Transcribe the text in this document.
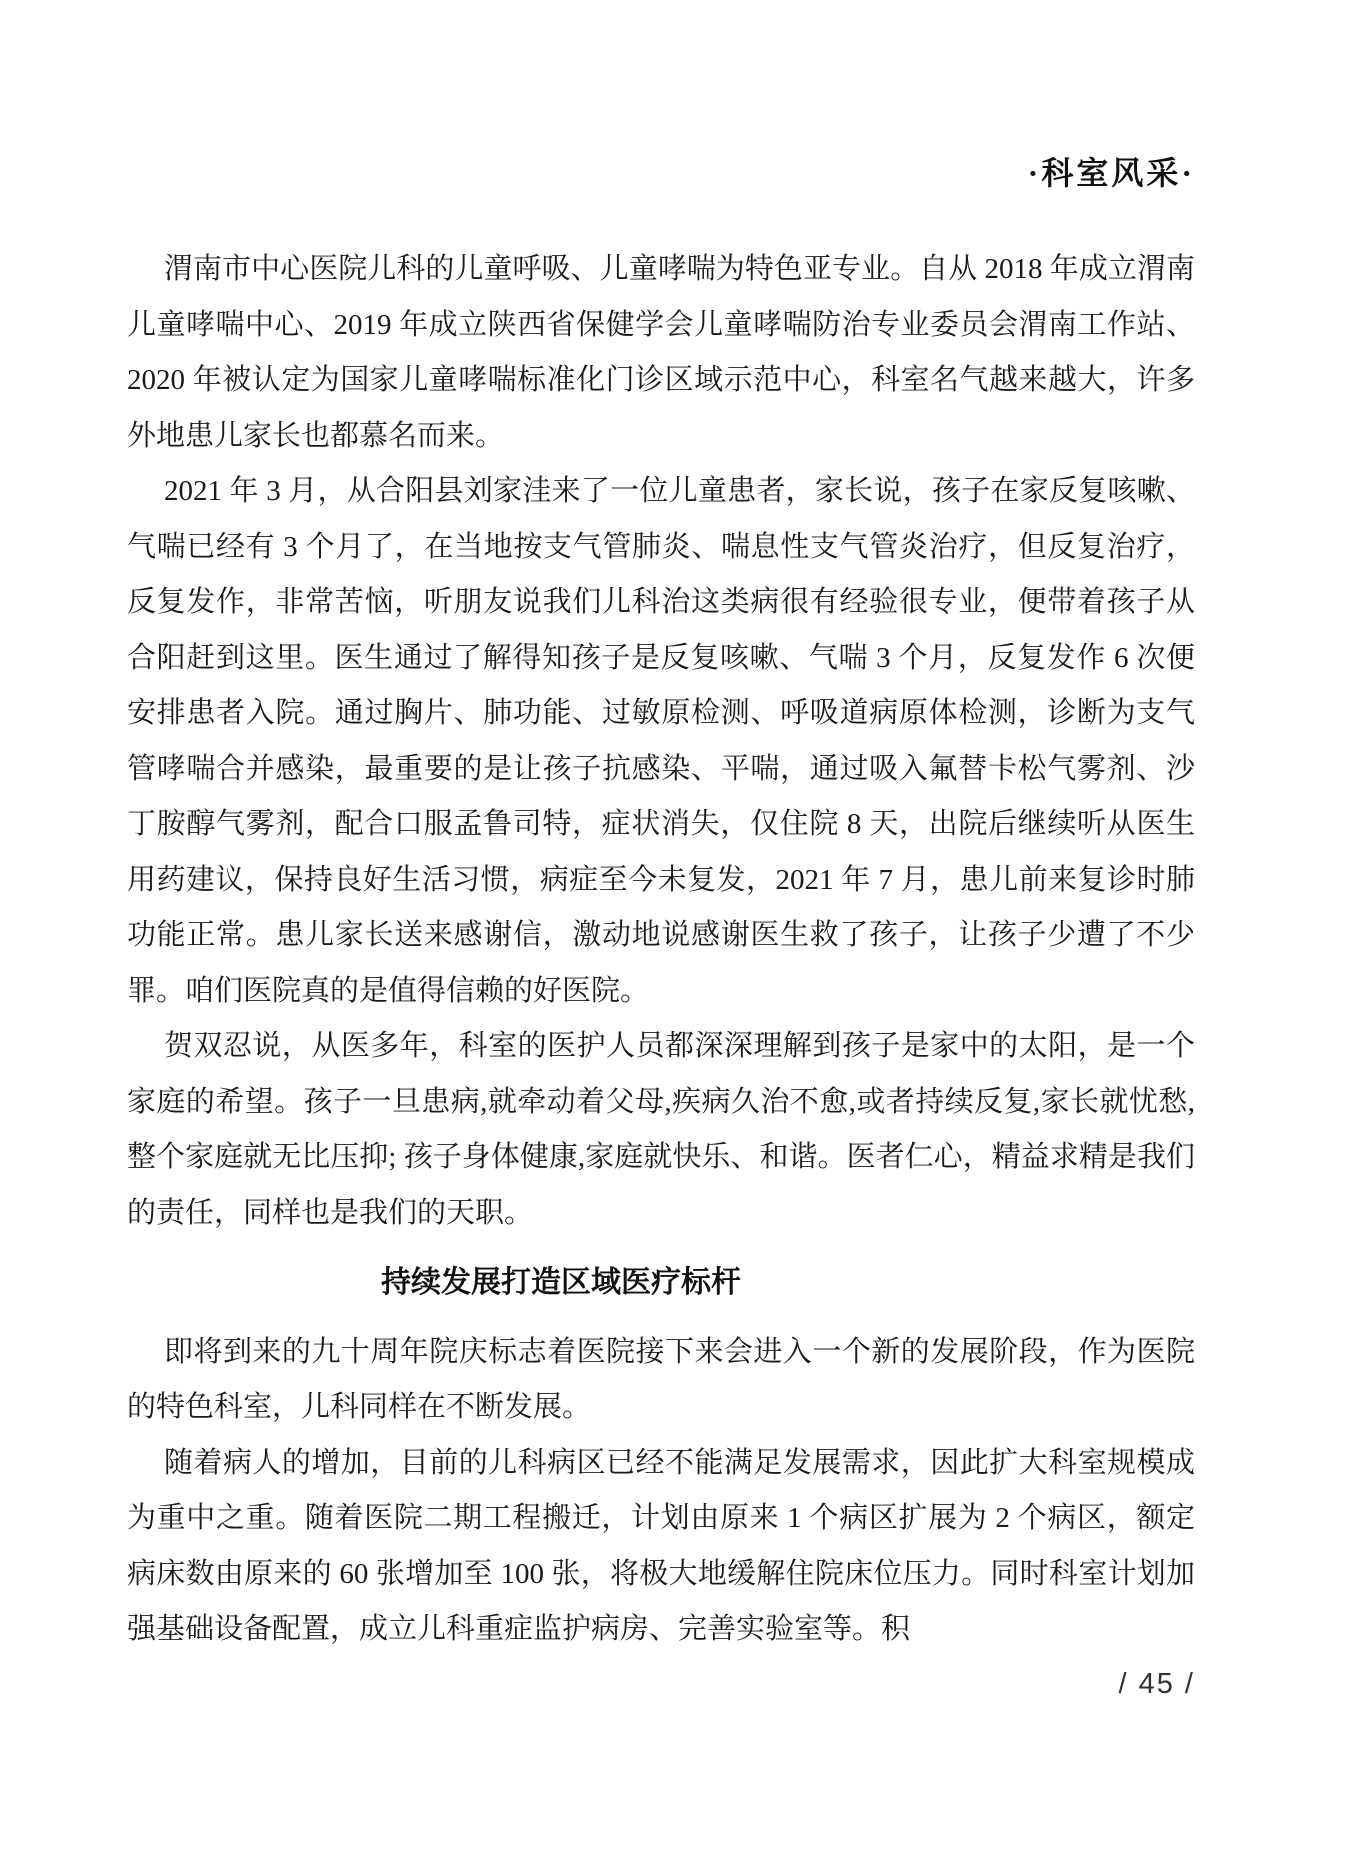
·科室风采·

渭南市中心医院儿科的儿童呼吸、儿童哮喘为特色亚专业。自从 2018 年成立渭南儿童哮喘中心、2019 年成立陕西省保健学会儿童哮喘防治专业委员会渭南工作站、2020 年被认定为国家儿童哮喘标准化门诊区域示范中心，科室名气越来越大，许多外地患儿家长也都慕名而来。

2021 年 3 月，从合阳县刘家洼来了一位儿童患者，家长说，孩子在家反复咳嗽、气喘已经有 3 个月了，在当地按支气管肺炎、喘息性支气管炎治疗，但反复治疗，反复发作，非常苦恼，听朋友说我们儿科治这类病很有经验很专业，便带着孩子从合阳赶到这里。医生通过了解得知孩子是反复咳嗽、气喘 3 个月，反复发作 6 次便安排患者入院。通过胸片、肺功能、过敏原检测、呼吸道病原体检测，诊断为支气管哮喘合并感染，最重要的是让孩子抗感染、平喘，通过吸入氟替卡松气雾剂、沙丁胺醇气雾剂，配合口服孟鲁司特，症状消失，仅住院 8 天，出院后继续听从医生用药建议，保持良好生活习惯，病症至今未复发，2021 年 7 月，患儿前来复诊时肺功能正常。患儿家长送来感谢信，激动地说感谢医生救了孩子，让孩子少遭了不少罪。咱们医院真的是值得信赖的好医院。

贺双忍说，从医多年，科室的医护人员都深深理解到孩子是家中的太阳，是一个家庭的希望。孩子一旦患病,就牵动着父母,疾病久治不愈,或者持续反复,家长就忧愁,整个家庭就无比压抑; 孩子身体健康,家庭就快乐、和谐。医者仁心，精益求精是我们的责任，同样也是我们的天职。

持续发展打造区域医疗标杆

即将到来的九十周年院庆标志着医院接下来会进入一个新的发展阶段，作为医院的特色科室，儿科同样在不断发展。

随着病人的增加，目前的儿科病区已经不能满足发展需求，因此扩大科室规模成为重中之重。随着医院二期工程搬迁，计划由原来 1 个病区扩展为 2 个病区，额定病床数由原来的 60 张增加至 100 张，将极大地缓解住院床位压力。同时科室计划加强基础设备配置，成立儿科重症监护病房、完善实验室等。积

/ 45 /
